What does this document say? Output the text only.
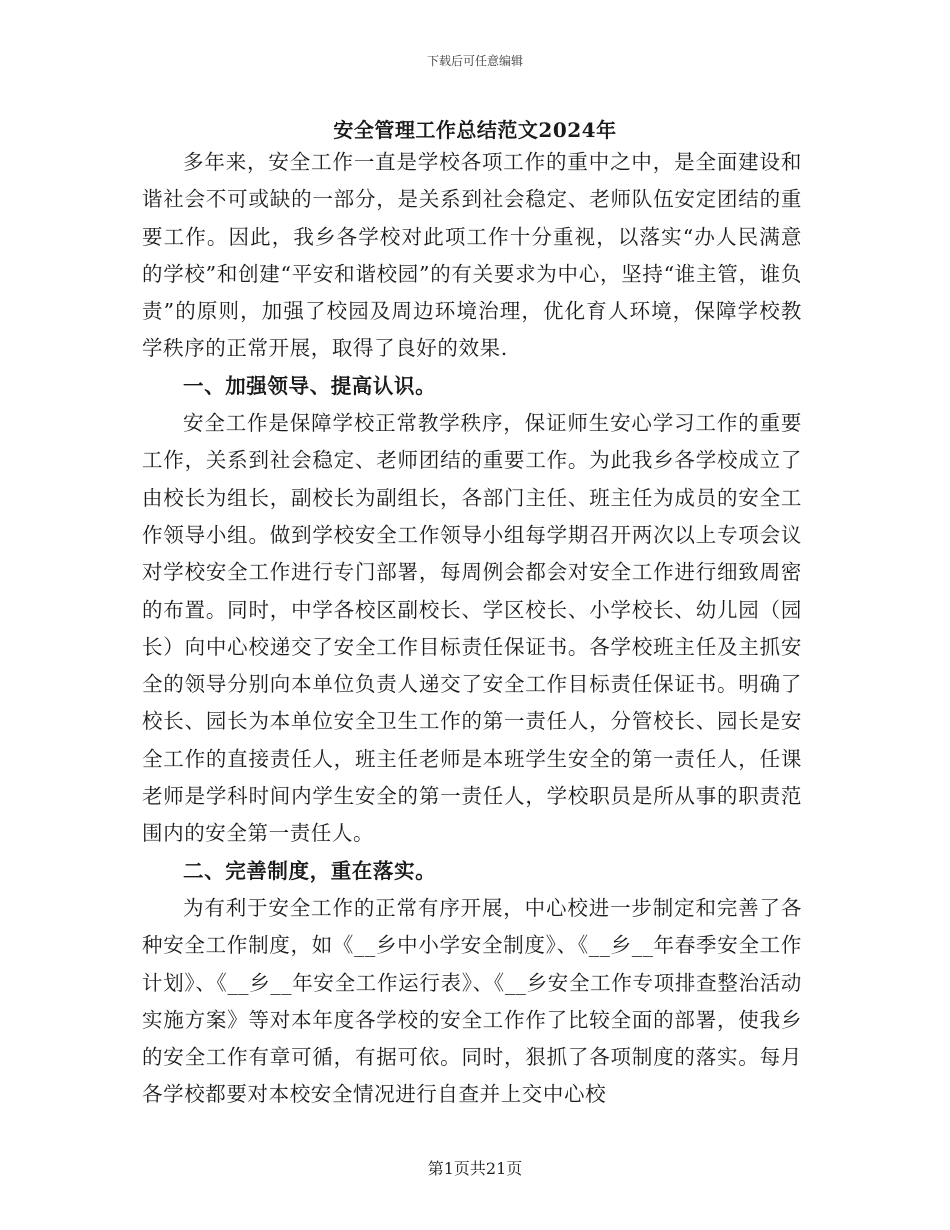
下载后可任意编辑
安全管理工作总结范文2024年

多年来，安全工作一直是学校各项工作的重中之中，是全面建设和谐社会不可或缺的一部分，是关系到社会稳定、老师队伍安定团结的重要工作。因此，我乡各学校对此项工作十分重视，以落实“办人民满意的学校”和创建“平安和谐校园”的有关要求为中心，坚持“谁主管，谁负责”的原则，加强了校园及周边环境治理，优化育人环境，保障学校教学秩序的正常开展，取得了良好的效果.

一、加强领导、提高认识。

安全工作是保障学校正常教学秩序，保证师生安心学习工作的重要工作，关系到社会稳定、老师团结的重要工作。为此我乡各学校成立了由校长为组长，副校长为副组长，各部门主任、班主任为成员的安全工作领导小组。做到学校安全工作领导小组每学期召开两次以上专项会议对学校安全工作进行专门部署，每周例会都会对安全工作进行细致周密的布置。同时，中学各校区副校长、学区校长、小学校长、幼儿园（园长）向中心校递交了安全工作目标责任保证书。各学校班主任及主抓安全的领导分别向本单位负责人递交了安全工作目标责任保证书。明确了校长、园长为本单位安全卫生工作的第一责任人，分管校长、园长是安全工作的直接责任人，班主任老师是本班学生安全的第一责任人，任课老师是学科时间内学生安全的第一责任人，学校职员是所从事的职责范围内的安全第一责任人。

二、完善制度，重在落实。

为有利于安全工作的正常有序开展，中心校进一步制定和完善了各种安全工作制度，如《__乡中小学安全制度》、《__乡__年春季安全工作计划》、《__乡__年安全工作运行表》、《__乡安全工作专项排查整治活动实施方案》等对本年度各学校的安全工作作了比较全面的部署，使我乡的安全工作有章可循，有据可依。同时，狠抓了各项制度的落实。每月各学校都要对本校安全情况进行自查并上交中心校

第1页共21页
